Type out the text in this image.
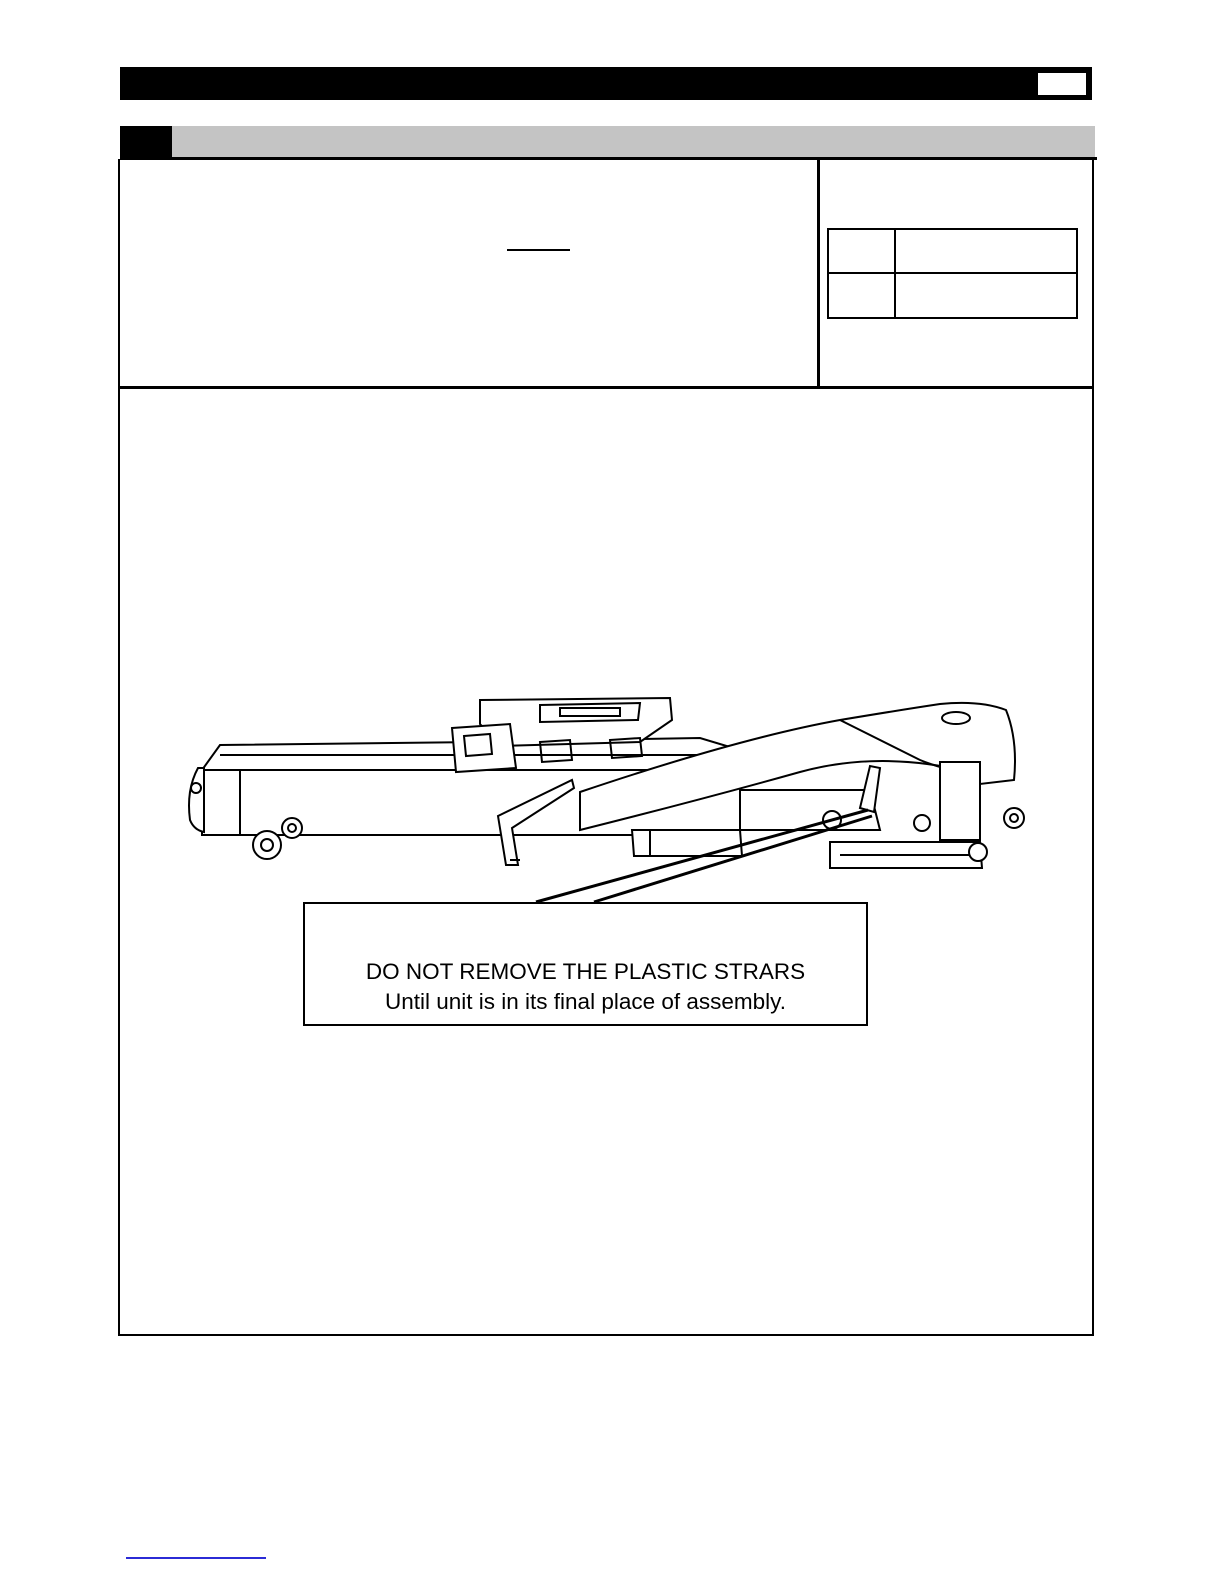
DO NOT REMOVE THE PLASTIC STRARS
Until unit is in its final place of assembly.
